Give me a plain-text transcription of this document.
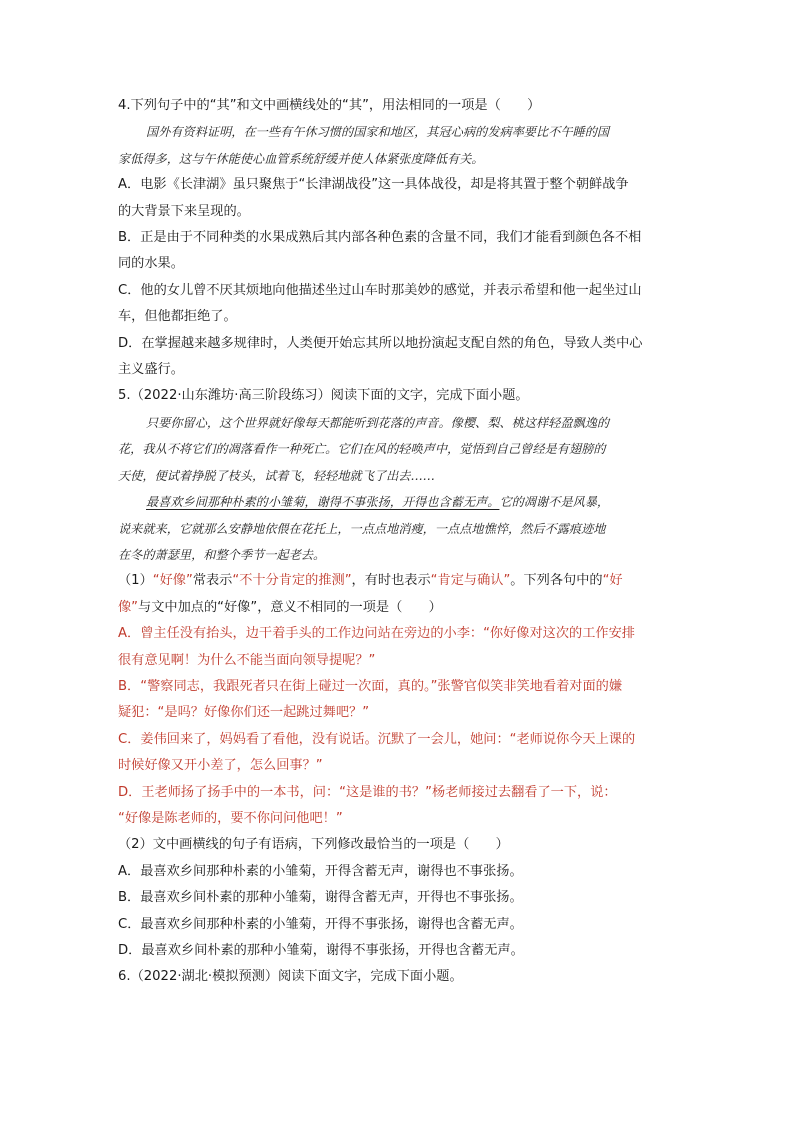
4.下列句子中的“其”和文中画横线处的“其”，用法相同的一项是（　　）
国外有资料证明，在一些有午休习惯的国家和地区，其冠心病的发病率要比不午睡的国
家低得多，这与午休能使心血管系统舒缓并使人体紧张度降低有关。
A．电影《长津湖》虽只聚焦于“长津湖战役”这一具体战役，却是将其置于整个朝鲜战争
的大背景下来呈现的。
B．正是由于不同种类的水果成熟后其内部各种色素的含量不同，我们才能看到颜色各不相
同的水果。
C．他的女儿曾不厌其烦地向他描述坐过山车时那美妙的感觉，并表示希望和他一起坐过山
车，但他都拒绝了。
D．在掌握越来越多规律时，人类便开始忘其所以地扮演起支配自然的角色，导致人类中心
主义盛行。
5.（2022·山东潍坊·高三阶段练习）阅读下面的文字，完成下面小题。
只要你留心，这个世界就好像每天都能听到花落的声音。像樱、梨、桃这样轻盈飘逸的
花，我从不将它们的凋落看作一种死亡。它们在风的轻唤声中，觉悟到自己曾经是有翅膀的
天使，便试着挣脱了枝头，试着飞，轻轻地就飞了出去……
最喜欢乡间那种朴素的小雏菊，谢得不事张扬，开得也含蓄无声。它的凋谢不是风暴，
说来就来，它就那么安静地依偎在花托上，一点点地消瘦，一点点地憔悴，然后不露痕迹地
在冬的萧瑟里，和整个季节一起老去。
（1）“好像”常表示“不十分肯定的推测”，有时也表示“肯定与确认”。下列各句中的“好
像”与文中加点的“好像”，意义不相同的一项是（　　）
A．曾主任没有抬头，边干着手头的工作边问站在旁边的小李：“你好像对这次的工作安排
很有意见啊！为什么不能当面向领导提呢？”
B．“警察同志，我跟死者只在街上碰过一次面，真的。”张警官似笑非笑地看着对面的嫌
疑犯：“是吗？好像你们还一起跳过舞吧？”
C．姜伟回来了，妈妈看了看他，没有说话。沉默了一会儿，她问：“老师说你今天上课的
时候好像又开小差了，怎么回事？”
D．王老师扬了扬手中的一本书，问：“这是谁的书？”杨老师接过去翻看了一下，说：
“好像是陈老师的，要不你问问他吧！”
（2）文中画横线的句子有语病，下列修改最恰当的一项是（　　）
A．最喜欢乡间那种朴素的小雏菊，开得含蓄无声，谢得也不事张扬。
B．最喜欢乡间朴素的那种小雏菊，谢得含蓄无声，开得也不事张扬。
C．最喜欢乡间那种朴素的小雏菊，开得不事张扬，谢得也含蓄无声。
D．最喜欢乡间朴素的那种小雏菊，谢得不事张扬，开得也含蓄无声。
6.（2022·湖北·模拟预测）阅读下面文字，完成下面小题。
